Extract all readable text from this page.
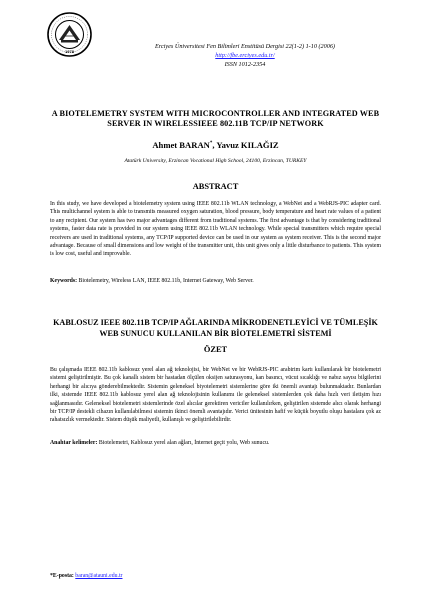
1978
Erciyes Üniversitesi Fen Bilimleri Enstitüsü Dergisi 22(1-2) 1-10 (2006)
http://fbe.erciyes.edu.tr/
ISSN 1012-2354
A BIOTELEMETRY SYSTEM WITH MICROCONTROLLER AND INTEGRATED WEB SERVER IN WIRELESSIEEE 802.11B TCP/IP NETWORK
Ahmet BARAN*, Yavuz KILAĞIZ
Atatürk University, Erzincan Vocational High School, 24100, Erzincan, TURKEY
ABSTRACT
In this study, we have developed a biotelemetry system using IEEE 802.11b WLAN technology, a WebNet and a WebRJS-PIC adapter card. This multichannel system is able to transmits measured oxygen saturation, blood pressure, body temperature and heart rate values of a patient to any recipient. Our system has two major advantages different from traditional systems. The first advantage is that by considering traditional systems, faster data rate is provided in our system using IEEE 802.11b WLAN technology. While special transmitters which require special receivers are used in traditional systems, any TCP/IP supported device can be used in our system as system receiver. This is the second major advantage. Because of small dimensions and low weight of the transmitter unit, this unit gives only a little disturbance to patients. This system is low cost, useful and improvable.
Keywords: Biotelemetry, Wireless LAN, IEEE 802.11b, Internet Gateway, Web Server.
KABLOSUZ IEEE 802.11B TCP/IP AĞLARINDA MİKRODENETLEYİCİ VE TÜMLEŞİK WEB SUNUCU KULLANILAN BİR BİOTELEMETRİ SİSTEMİ
ÖZET
Bu çalışmada IEEE 802.11b kablosuz yerel alan ağ teknolojisi, bir WebNet ve bir WebRJS-PIC arabirim kartı kullanılarak bir biotelemetri sistemi geliştirilmiştir. Bu çok kanallı sistem bir hastadan ölçülen oksijen saturasyonu, kan basıncı, vücut sıcaklığı ve nabız sayısı bilgilerini herhangi bir alıcıya gönderebilmektedir. Sistemin geleneksel biyotelemetri sistemlerine göre iki önemli avantajı bulunmaktadır. Bunlardan ilki, sistemde IEEE 802.11b kablosuz yerel alan ağ teknolojisinin kullanımı ile geleneksel sistemlerden çok daha hızlı veri iletişim hızı sağlanmasıdır. Geleneksel biotelemetri sistemlerinde özel alıcılar gerektiren vericiler kullanılırken, geliştirilen sistemde alıcı olarak herhangi bir TCP/IP destekli cihazın kullanılabilmesi sistemin ikinci önemli avantajıdır. Verici ünitesinin hafif ve küçük boyutlu oluşu hastalara çok az rahatsızlık vermektedir. Sistem düşük maliyetli, kullanışlı ve geliştirilebilirdir.
Anahtar kelimeler: Biotelemetri, Kablosuz yerel alan ağları, İnternet geçit yolu, Web sunucu.
*E-posta: baran@atauni.edu.tr
